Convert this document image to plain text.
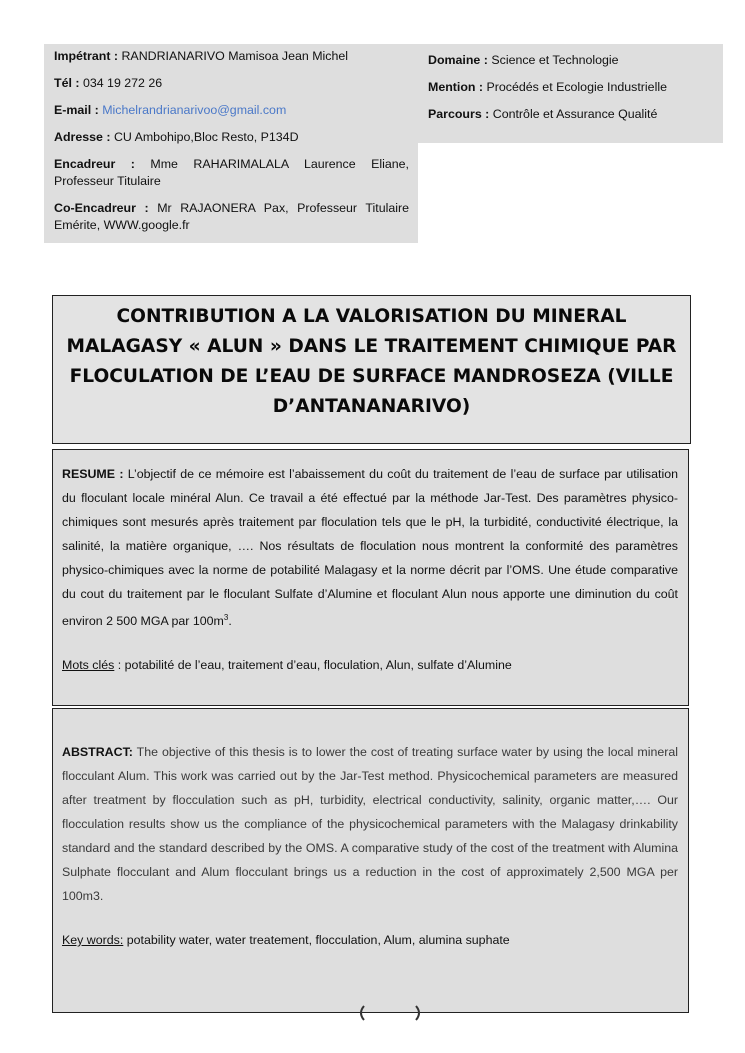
Impétrant : RANDRIANARIVO Mamisoa Jean Michel
Tél : 034 19 272 26
E-mail : Michelrandrianarivoo@gmail.com
Adresse : CU Ambohipo,Bloc Resto, P134D
Encadreur : Mme RAHARIMALALA Laurence Eliane, Professeur Titulaire
Co-Encadreur : Mr RAJAONERA Pax, Professeur Titulaire Emérite, WWW.google.fr
Domaine : Science et Technologie
Mention : Procédés et Ecologie Industrielle
Parcours : Contrôle et Assurance Qualité
CONTRIBUTION A LA VALORISATION DU MINERAL MALAGASY « ALUN » DANS LE TRAITEMENT CHIMIQUE PAR FLOCULATION DE L’EAU DE SURFACE MANDROSEZA (VILLE D’ANTANANARIVO)

RESUME : L’objectif de ce mémoire est l’abaissement du coût du traitement de l’eau de surface par utilisation du floculant locale minéral Alun. Ce travail a été effectué par la méthode Jar-Test. Des paramètres physico-chimiques sont mesurés après traitement par floculation tels que le pH, la turbidité, conductivité électrique, la salinité, la matière organique, …. Nos résultats de floculation nous montrent la conformité des paramètres physico-chimiques avec la norme de potabilité Malagasy et la norme décrit par l’OMS. Une étude comparative du cout du traitement par le floculant Sulfate d’Alumine et floculant Alun nous apporte une diminution du coût environ 2 500 MGA par $100m^3$.

Mots clés : potabilité de l’eau, traitement d’eau, floculation, Alun, sulfate d’Alumine

ABSTRACT: The objective of this thesis is to lower the cost of treating surface water by using the local mineral flocculant Alum. This work was carried out by the Jar-Test method. Physicochemical parameters are measured after treatment by flocculation such as pH, turbidity, electrical conductivity, salinity, organic matter,…. Our flocculation results show us the compliance of the physicochemical parameters with the Malagasy drinkability standard and the standard described by the OMS. A comparative study of the cost of the treatment with Alumina Sulphate flocculant and Alum flocculant brings us a reduction in the cost of approximately 2,500 MGA per 100m3.

Key words: potability water, water treatement, flocculation, Alum, alumina suphate
